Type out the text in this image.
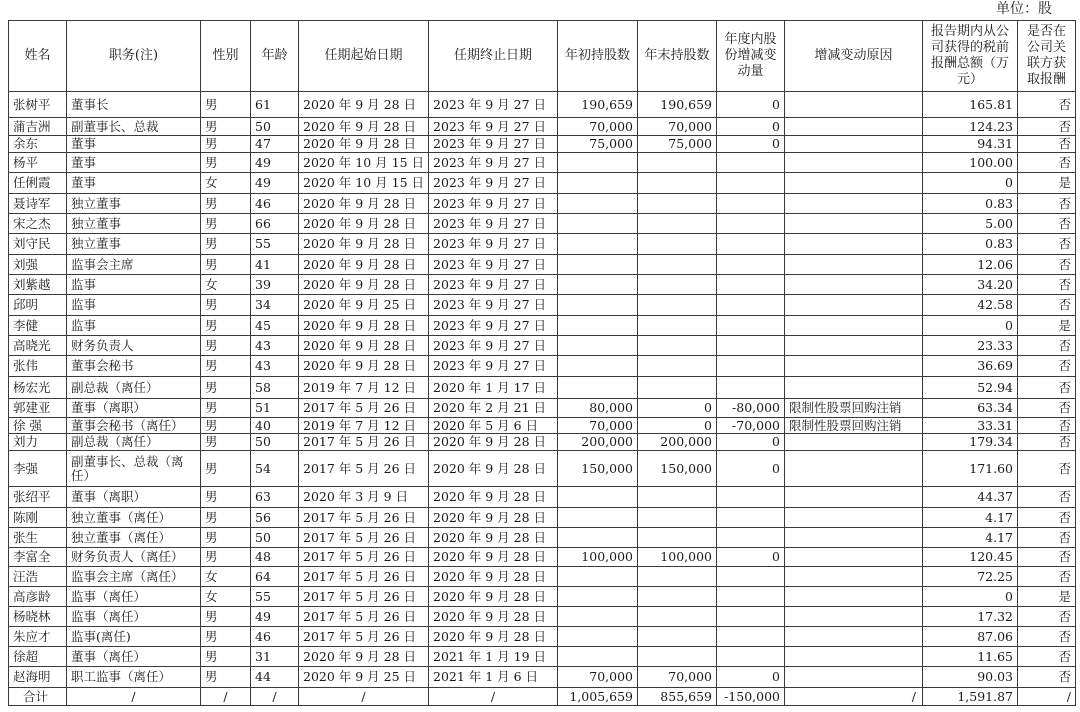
单位：股
姓名	职务(注)	性别	年龄	任期起始日期	任期终止日期	年初持股数	年末持股数	年度内股份增减变动量	增减变动原因	报告期内从公司获得的税前报酬总额（万元）	是否在公司关联方获取报酬
张树平	董事长	男	61	2020 年 9 月 28 日	2023 年 9 月 27 日	190,659	190,659	0		165.81	否
蒲吉洲	副董事长、总裁	男	50	2020 年 9 月 28 日	2023 年 9 月 27 日	70,000	70,000	0		124.23	否
余东	董事	男	47	2020 年 9 月 28 日	2023 年 9 月 27 日	75,000	75,000	0		94.31	否
杨平	董事	男	49	2020 年 10 月 15 日	2023 年 9 月 27 日					100.00	否
任俐霞	董事	女	49	2020 年 10 月 15 日	2023 年 9 月 27 日					0	是
聂诗军	独立董事	男	46	2020 年 9 月 28 日	2023 年 9 月 27 日					0.83	否
宋之杰	独立董事	男	66	2020 年 9 月 28 日	2023 年 9 月 27 日					5.00	否
刘守民	独立董事	男	55	2020 年 9 月 28 日	2023 年 9 月 27 日					0.83	否
刘强	监事会主席	男	41	2020 年 9 月 28 日	2023 年 9 月 27 日					12.06	否
刘紫越	监事	女	39	2020 年 9 月 28 日	2023 年 9 月 27 日					34.20	否
邱明	监事	男	34	2020 年 9 月 25 日	2023 年 9 月 27 日					42.58	否
李健	监事	男	45	2020 年 9 月 28 日	2023 年 9 月 27 日					0	是
高晓光	财务负责人	男	43	2020 年 9 月 28 日	2023 年 9 月 27 日					23.33	否
张伟	董事会秘书	男	43	2020 年 9 月 28 日	2023 年 9 月 27 日					36.69	否
杨宏光	副总裁（离任）	男	58	2019 年 7 月 12 日	2020 年 1 月 17 日					52.94	否
郭建亚	董事（离职）	男	51	2017 年 5 月 26 日	2020 年 2 月 21 日	80,000	0	-80,000	限制性股票回购注销	63.34	否
徐 强	董事会秘书（离任）	男	40	2019 年 7 月 12 日	2020 年 5 月 6 日	70,000	0	-70,000	限制性股票回购注销	33.31	否
刘力	副总裁（离任）	男	50	2017 年 5 月 26 日	2020 年 9 月 28 日	200,000	200,000	0		179.34	否
李强	副董事长、总裁（离任）	男	54	2017 年 5 月 26 日	2020 年 9 月 28 日	150,000	150,000	0		171.60	否
张绍平	董事（离职）	男	63	2020 年 3 月 9 日	2020 年 9 月 28 日					44.37	否
陈刚	独立董事（离任）	男	56	2017 年 5 月 26 日	2020 年 9 月 28 日					4.17	否
张生	独立董事（离任）	男	50	2017 年 5 月 26 日	2020 年 9 月 28 日					4.17	否
李富全	财务负责人（离任）	男	48	2017 年 5 月 26 日	2020 年 9 月 28 日	100,000	100,000	0		120.45	否
汪浩	监事会主席（离任）	女	64	2017 年 5 月 26 日	2020 年 9 月 28 日					72.25	否
高彦龄	监事（离任）	女	55	2017 年 5 月 26 日	2020 年 9 月 28 日					0	是
杨晓林	监事（离任）	男	49	2017 年 5 月 26 日	2020 年 9 月 28 日					17.32	否
朱应才	监事(离任)	男	46	2017 年 5 月 26 日	2020 年 9 月 28 日					87.06	否
徐超	董事（离任）	男	31	2020 年 9 月 28 日	2021 年 1 月 19 日					11.65	否
赵海明	职工监事（离任）	男	44	2020 年 9 月 25 日	2021 年 1 月 6 日	70,000	70,000	0		90.03	否
合计	/	/	/	/	/	1,005,659	855,659	-150,000	/	1,591.87	/
